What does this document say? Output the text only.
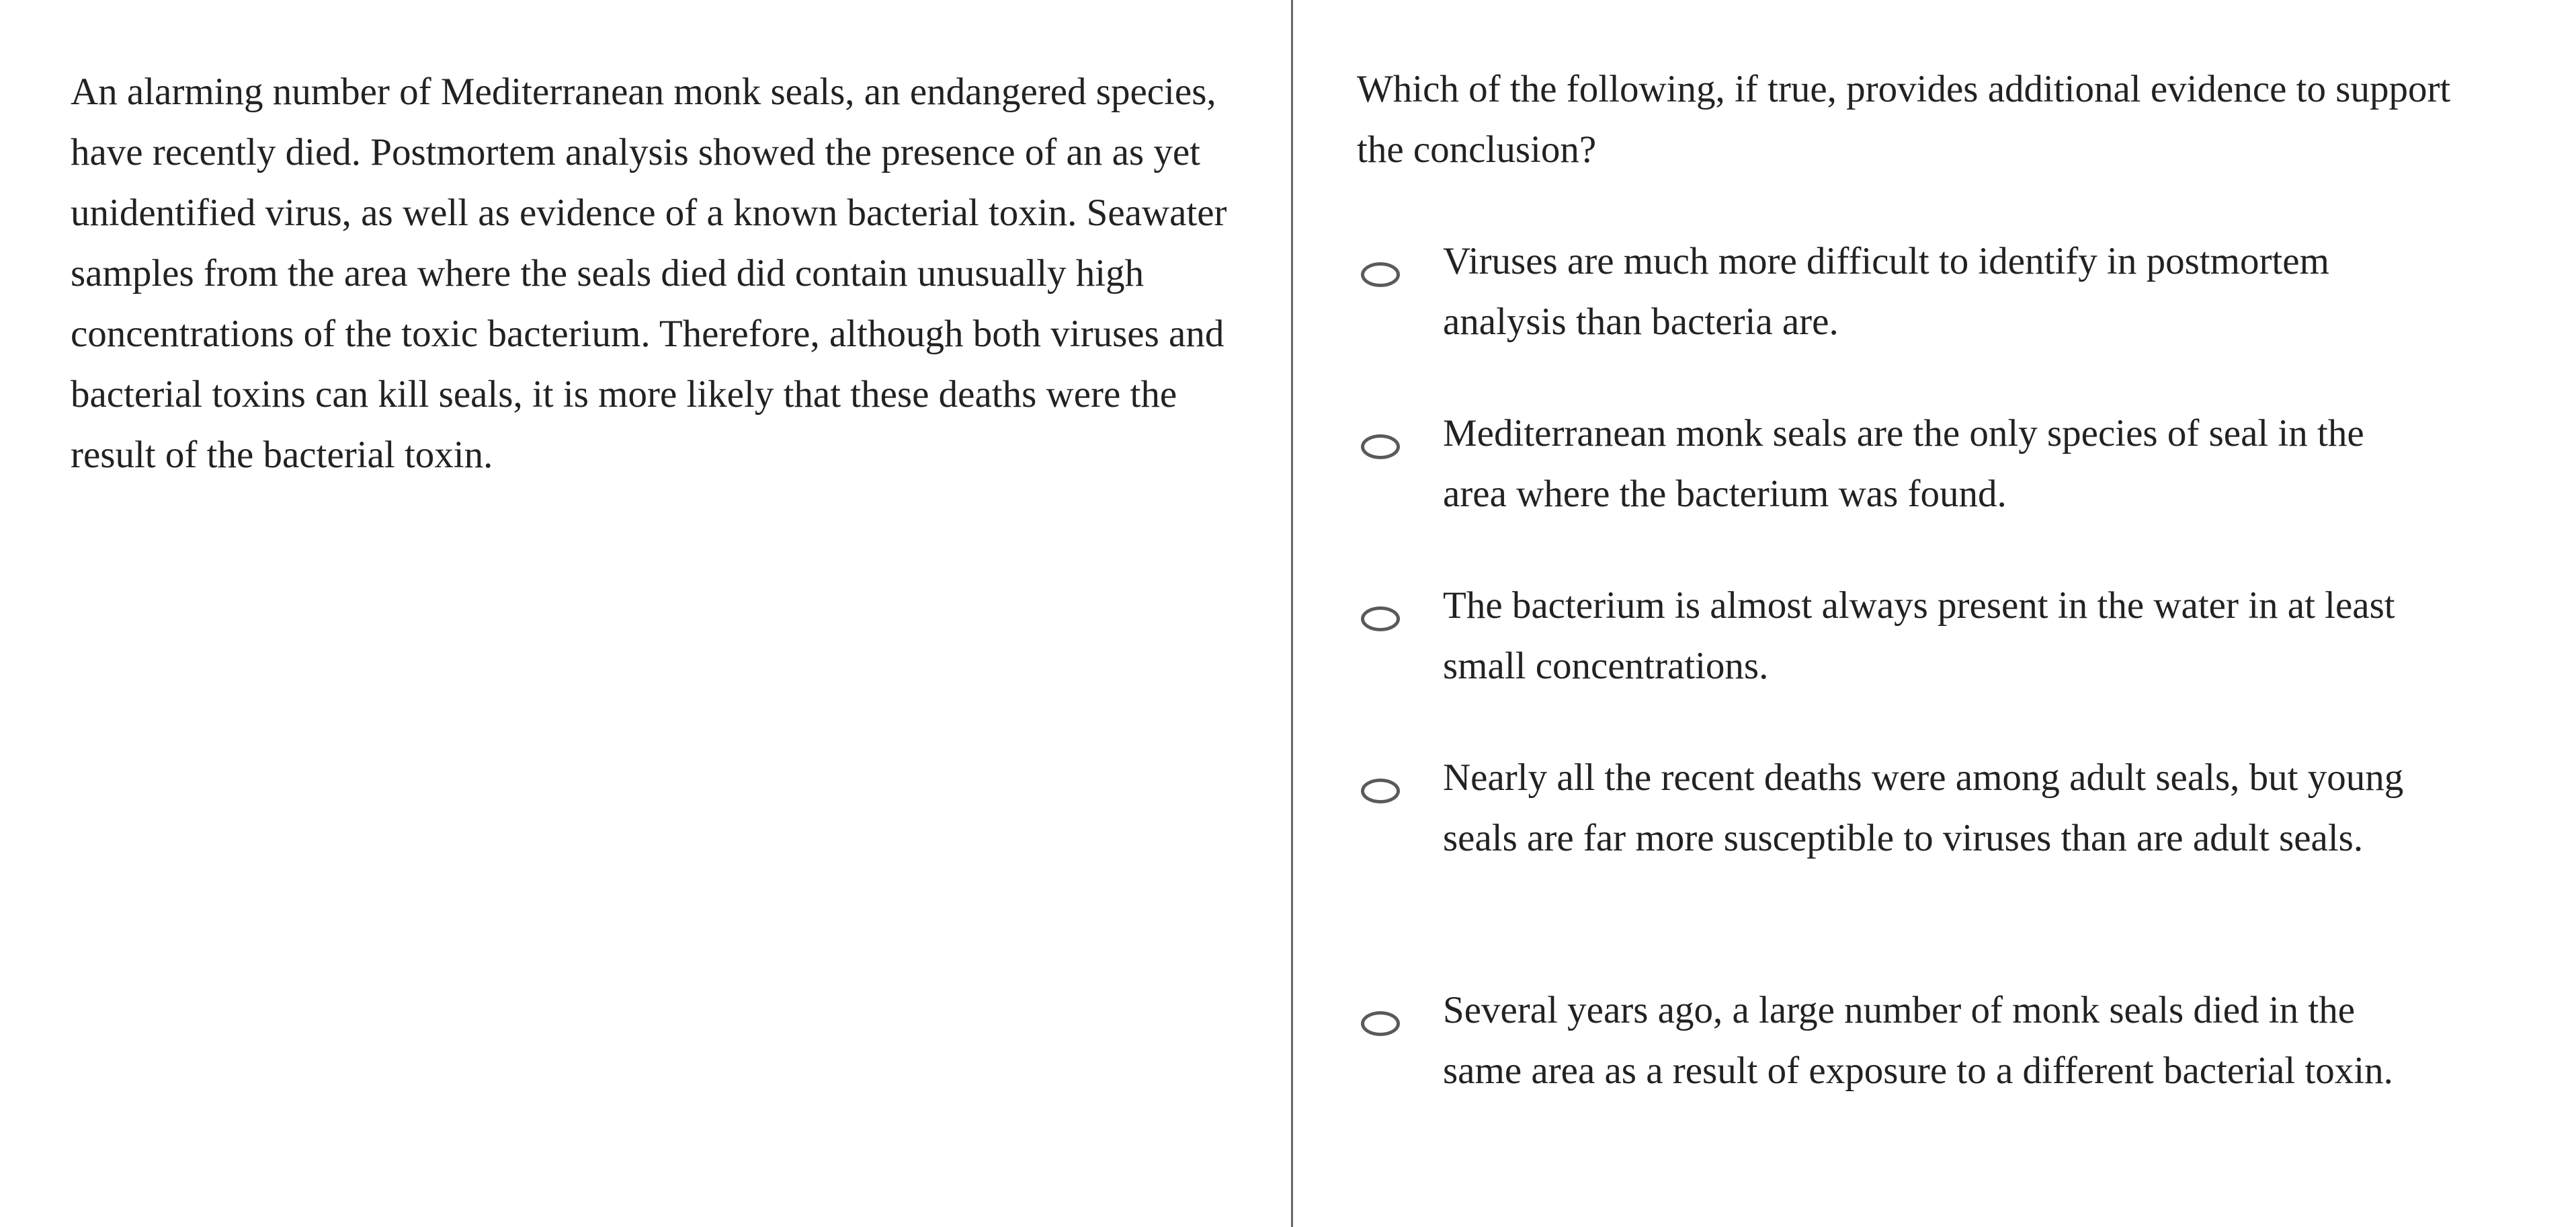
An alarming number of Mediterranean monk seals, an endangered species, have recently died. Postmortem analysis showed the presence of an as yet unidentified virus, as well as evidence of a known bacterial toxin. Seawater samples from the area where the seals died did contain unusually high concentrations of the toxic bacterium. Therefore, although both viruses and bacterial toxins can kill seals, it is more likely that these deaths were the result of the bacterial toxin.
Which of the following, if true, provides additional evidence to support the conclusion?
Viruses are much more difficult to identify in postmortem analysis than bacteria are.
Mediterranean monk seals are the only species of seal in the area where the bacterium was found.
The bacterium is almost always present in the water in at least small concentrations.
Nearly all the recent deaths were among adult seals, but young seals are far more susceptible to viruses than are adult seals.
Several years ago, a large number of monk seals died in the same area as a result of exposure to a different bacterial toxin.
